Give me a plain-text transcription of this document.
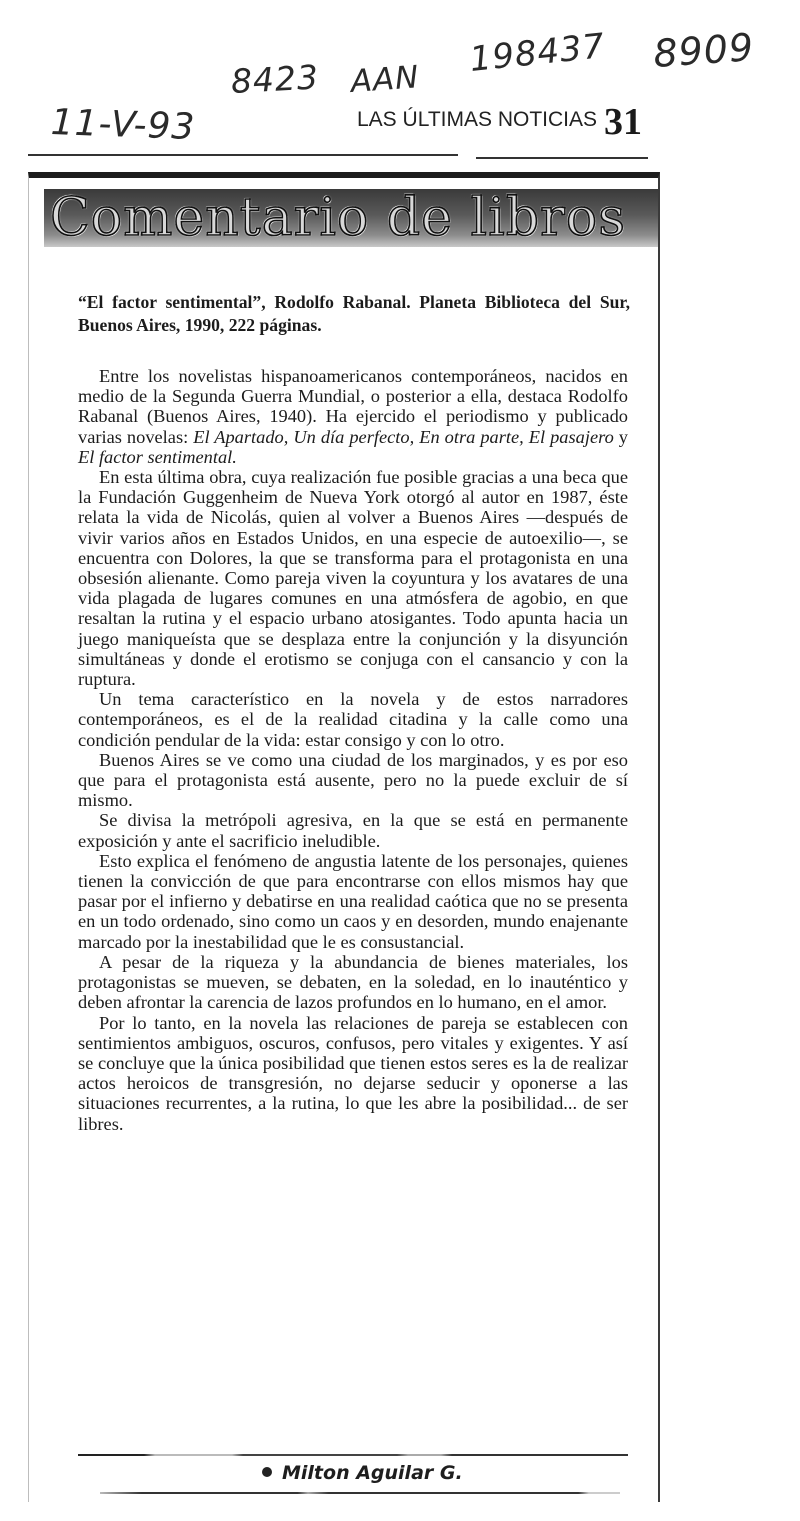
8423 AAN 198437 8909
11-V-93	LAS ÚLTIMAS NOTICIAS 31
Comentario de libros
“El factor sentimental”, Rodolfo Rabanal. Planeta Biblioteca del Sur, Buenos Aires, 1990, 222 páginas.

Entre los novelistas hispanoamericanos contemporáneos, nacidos en medio de la Segunda Guerra Mundial, o posterior a ella, destaca Rodolfo Rabanal (Buenos Aires, 1940). Ha ejercido el periodismo y publicado varias novelas: El Apartado, Un día perfecto, En otra parte, El pasajero y El factor sentimental.

En esta última obra, cuya realización fue posible gracias a una beca que la Fundación Guggenheim de Nueva York otorgó al autor en 1987, éste relata la vida de Nicolás, quien al volver a Buenos Aires —después de vivir varios años en Estados Unidos, en una especie de autoexilio—, se encuentra con Dolores, la que se transforma para el protagonista en una obsesión alienante. Como pareja viven la coyuntura y los avatares de una vida plagada de lugares comunes en una atmósfera de agobio, en que resaltan la rutina y el espacio urbano atosigantes. Todo apunta hacia un juego maniqueísta que se desplaza entre la conjunción y la disyunción simultáneas y donde el erotismo se conjuga con el cansancio y con la ruptura.

Un tema característico en la novela y de estos narradores contemporáneos, es el de la realidad citadina y la calle como una condición pendular de la vida: estar consigo y con lo otro.

Buenos Aires se ve como una ciudad de los marginados, y es por eso que para el protagonista está ausente, pero no la puede excluir de sí mismo.

Se divisa la metrópoli agresiva, en la que se está en permanente exposición y ante el sacrificio ineludible.

Esto explica el fenómeno de angustia latente de los personajes, quienes tienen la convicción de que para encontrarse con ellos mismos hay que pasar por el infierno y debatirse en una realidad caótica que no se presenta en un todo ordenado, sino como un caos y en desorden, mundo enajenante marcado por la inestabilidad que le es consustancial.

A pesar de la riqueza y la abundancia de bienes materiales, los protagonistas se mueven, se debaten, en la soledad, en lo inauténtico y deben afrontar la carencia de lazos profundos en lo humano, en el amor.

Por lo tanto, en la novela las relaciones de pareja se establecen con sentimientos ambiguos, oscuros, confusos, pero vitales y exigentes. Y así se concluye que la única posibilidad que tienen estos seres es la de realizar actos heroicos de transgresión, no dejarse seducir y oponerse a las situaciones recurrentes, a la rutina, lo que les abre la posibilidad... de ser libres.

Milton Aguilar G.
